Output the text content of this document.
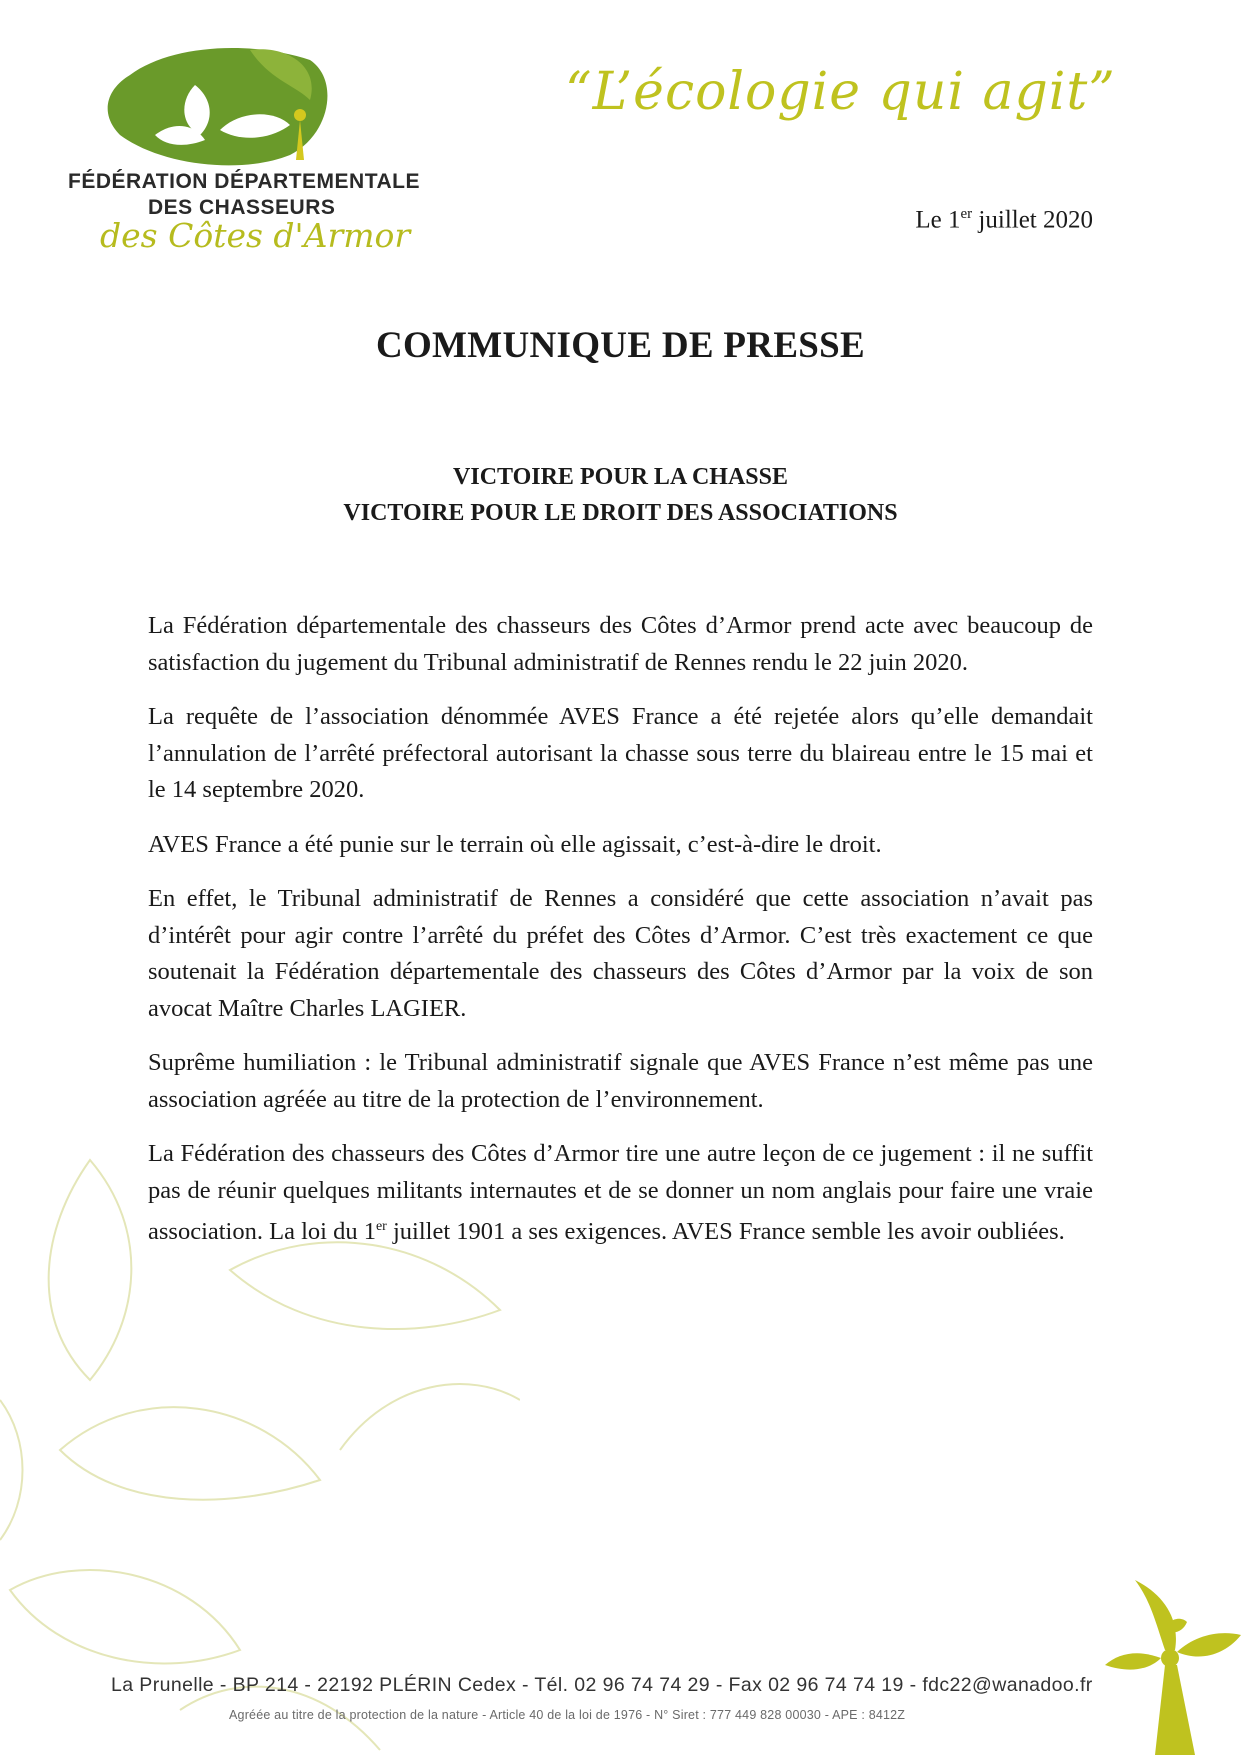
FÉDÉRATION DÉPARTEMENTALE
DES CHASSEURS
des Côtes d'Armor
“L’écologie qui agit”
Le 1er juillet 2020
COMMUNIQUE DE PRESSE
VICTOIRE POUR LA CHASSE
VICTOIRE POUR LE DROIT DES ASSOCIATIONS

La Fédération départementale des chasseurs des Côtes d’Armor prend acte avec beaucoup de satisfaction du jugement du Tribunal administratif de Rennes rendu le 22 juin 2020.

La requête de l’association dénommée AVES France a été rejetée alors qu’elle demandait l’annulation de l’arrêté préfectoral autorisant la chasse sous terre du blaireau entre le 15 mai et le 14 septembre 2020.

AVES France a été punie sur le terrain où elle agissait, c’est-à-dire le droit.

En effet, le Tribunal administratif de Rennes a considéré que cette association n’avait pas d’intérêt pour agir contre l’arrêté du préfet des Côtes d’Armor. C’est très exactement ce que soutenait la Fédération départementale des chasseurs des Côtes d’Armor par la voix de son avocat Maître Charles LAGIER.

Suprême humiliation : le Tribunal administratif signale que AVES France n’est même pas une association agréée au titre de la protection de l’environnement.

La Fédération des chasseurs des Côtes d’Armor tire une autre leçon de ce jugement : il ne suffit pas de réunir quelques militants internautes et de se donner un nom anglais pour faire une vraie association. La loi du 1er juillet 1901 a ses exigences. AVES France semble les avoir oubliées.

La Prunelle - BP 214 - 22192 PLÉRIN Cedex - Tél. 02 96 74 74 29 - Fax 02 96 74 74 19 - fdc22@wanadoo.fr
Agréée au titre de la protection de la nature - Article 40 de la loi de 1976 - N° Siret : 777 449 828 00030 - APE : 8412Z
